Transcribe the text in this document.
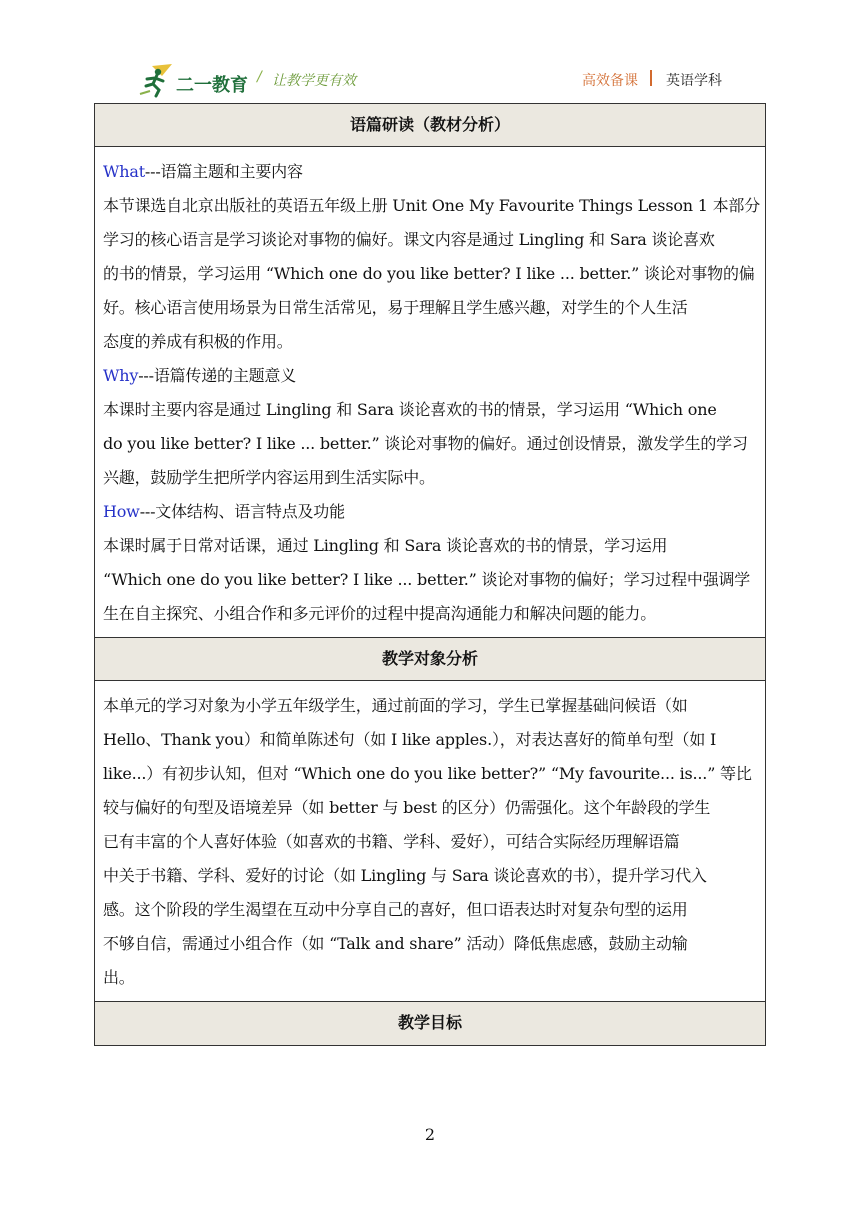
二一教育 / 让教学更有效	高效备课 英语学科
语篇研读（教材分析）
What---语篇主题和主要内容
本节课选自北京出版社的英语五年级上册 Unit One My Favourite Things Lesson 1 本部分
学习的核心语言是学习谈论对事物的偏好。课文内容是通过 Lingling 和 Sara 谈论喜欢
的书的情景，学习运用 “Which one do you like better? I like ... better.” 谈论对事物的偏
好。核心语言使用场景为日常生活常见，易于理解且学生感兴趣，对学生的个人生活
态度的养成有积极的作用。
Why---语篇传递的主题意义
本课时主要内容是通过 Lingling 和 Sara 谈论喜欢的书的情景，学习运用 “Which one
do you like better? I like ... better.” 谈论对事物的偏好。通过创设情景，激发学生的学习
兴趣，鼓励学生把所学内容运用到生活实际中。
How---文体结构、语言特点及功能
本课时属于日常对话课，通过 Lingling 和 Sara 谈论喜欢的书的情景，学习运用
“Which one do you like better? I like ... better.” 谈论对事物的偏好；学习过程中强调学
生在自主探究、小组合作和多元评价的过程中提高沟通能力和解决问题的能力。
教学对象分析
本单元的学习对象为小学五年级学生，通过前面的学习，学生已掌握基础问候语（如
Hello、Thank you）和简单陈述句（如 I like apples.），对表达喜好的简单句型（如 I
like...）有初步认知，但对 “Which one do you like better?” “My favourite... is...” 等比
较与偏好的句型及语境差异（如 better 与 best 的区分）仍需强化。这个年龄段的学生
已有丰富的个人喜好体验（如喜欢的书籍、学科、爱好），可结合实际经历理解语篇
中关于书籍、学科、爱好的讨论（如 Lingling 与 Sara 谈论喜欢的书），提升学习代入
感。这个阶段的学生渴望在互动中分享自己的喜好，但口语表达时对复杂句型的运用
不够自信，需通过小组合作（如 “Talk and share” 活动）降低焦虑感，鼓励主动输
出。
教学目标
2
